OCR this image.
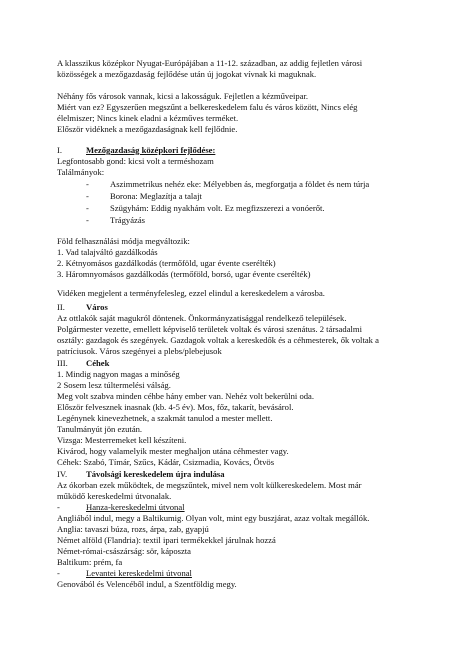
A klasszikus középkor Nyugat-Európájában a 11-12. században, az addig fejletlen városi
közösségek a mezőgazdaság fejlődése után új jogokat vívnak ki maguknak.
Néhány fős városok vannak, kicsi a lakosságuk. Fejletlen a kézműveipar.
Miért van ez? Egyszerűen megszűnt a belkereskedelem falu és város között, Nincs elég
élelmiszer; Nincs kinek eladni a kézműves terméket.
Először vidéknek a mezőgazdaságnak kell fejlődnie.
I.	Mezőgazdaság középkori fejlődése:
Legfontosabb gond: kicsi volt a terméshozam
Találmányok:
- Aszimmetrikus nehéz eke: Mélyebben ás, megforgatja a földet és nem túrja
- Borona: Meglazítja a talajt
- Szügyhám: Eddig nyakhám volt. Ez megfizszerezi a vonóerőt.
- Trágyázás
Föld felhasználási módja megváltozik:
1. Vad talajváltó gazdálkodás
2. Kétnyomásos gazdálkodás (termőföld, ugar évente cserélték)
3. Háromnyomásos gazdálkodás (termőföld, borsó, ugar évente cserélték)
Vidéken megjelent a terményfelesleg, ezzel elindul a kereskedelem a városba.
II. Város
Az ottlakók saját magukról döntenek. Önkormányzatisággal rendelkező települések.
Polgármester vezette, emellett képviselő területek voltak és városi szenátus. 2 társadalmi
osztály: gazdagok és szegények. Gazdagok voltak a kereskedők és a céhmesterek, ők voltak a
patríciusok. Város szegényei a plebs/plebejusok
III. Céhek
1. Mindig nagyon magas a minőség
2 Sosem lesz túltermelési válság.
Meg volt szabva minden céhbe hány ember van. Nehéz volt bekerülni oda.
Először felvesznek inasnak (kb. 4-5 év). Mos, főz, takarít, bevásárol.
Legénynek kinevezhetnek, a szakmát tanulod a mester mellett.
Tanulmányút jön ezután.
Vizsga: Mesterremeket kell készíteni.
Kivárod, hogy valamelyik mester meghaljon utána céhmester vagy.
Céhek: Szabó, Tímár, Szűcs, Kádár, Csizmadia, Kovács, Ötvös
IV. Távolsági kereskedelem újra indulása
Az ókorban ezek működtek, de megszűntek, mivel nem volt külkereskedelem. Most már
működő kereskedelmi útvonalak.
-	Hanza-kereskedelmi útvonal
Angliából indul, megy a Baltikumig. Olyan volt, mint egy buszjárat, azaz voltak megállók.
Anglia: tavaszi búza, rozs, árpa, zab, gyapjú
Német alföld (Flandria): textil ipari termékekkel járulnak hozzá
Német-római-császárság: sör, káposzta
Baltikum: prém, fa
-	Levantei kereskedelmi útvonal
Genovából és Velencéből indul, a Szentföldig megy.
